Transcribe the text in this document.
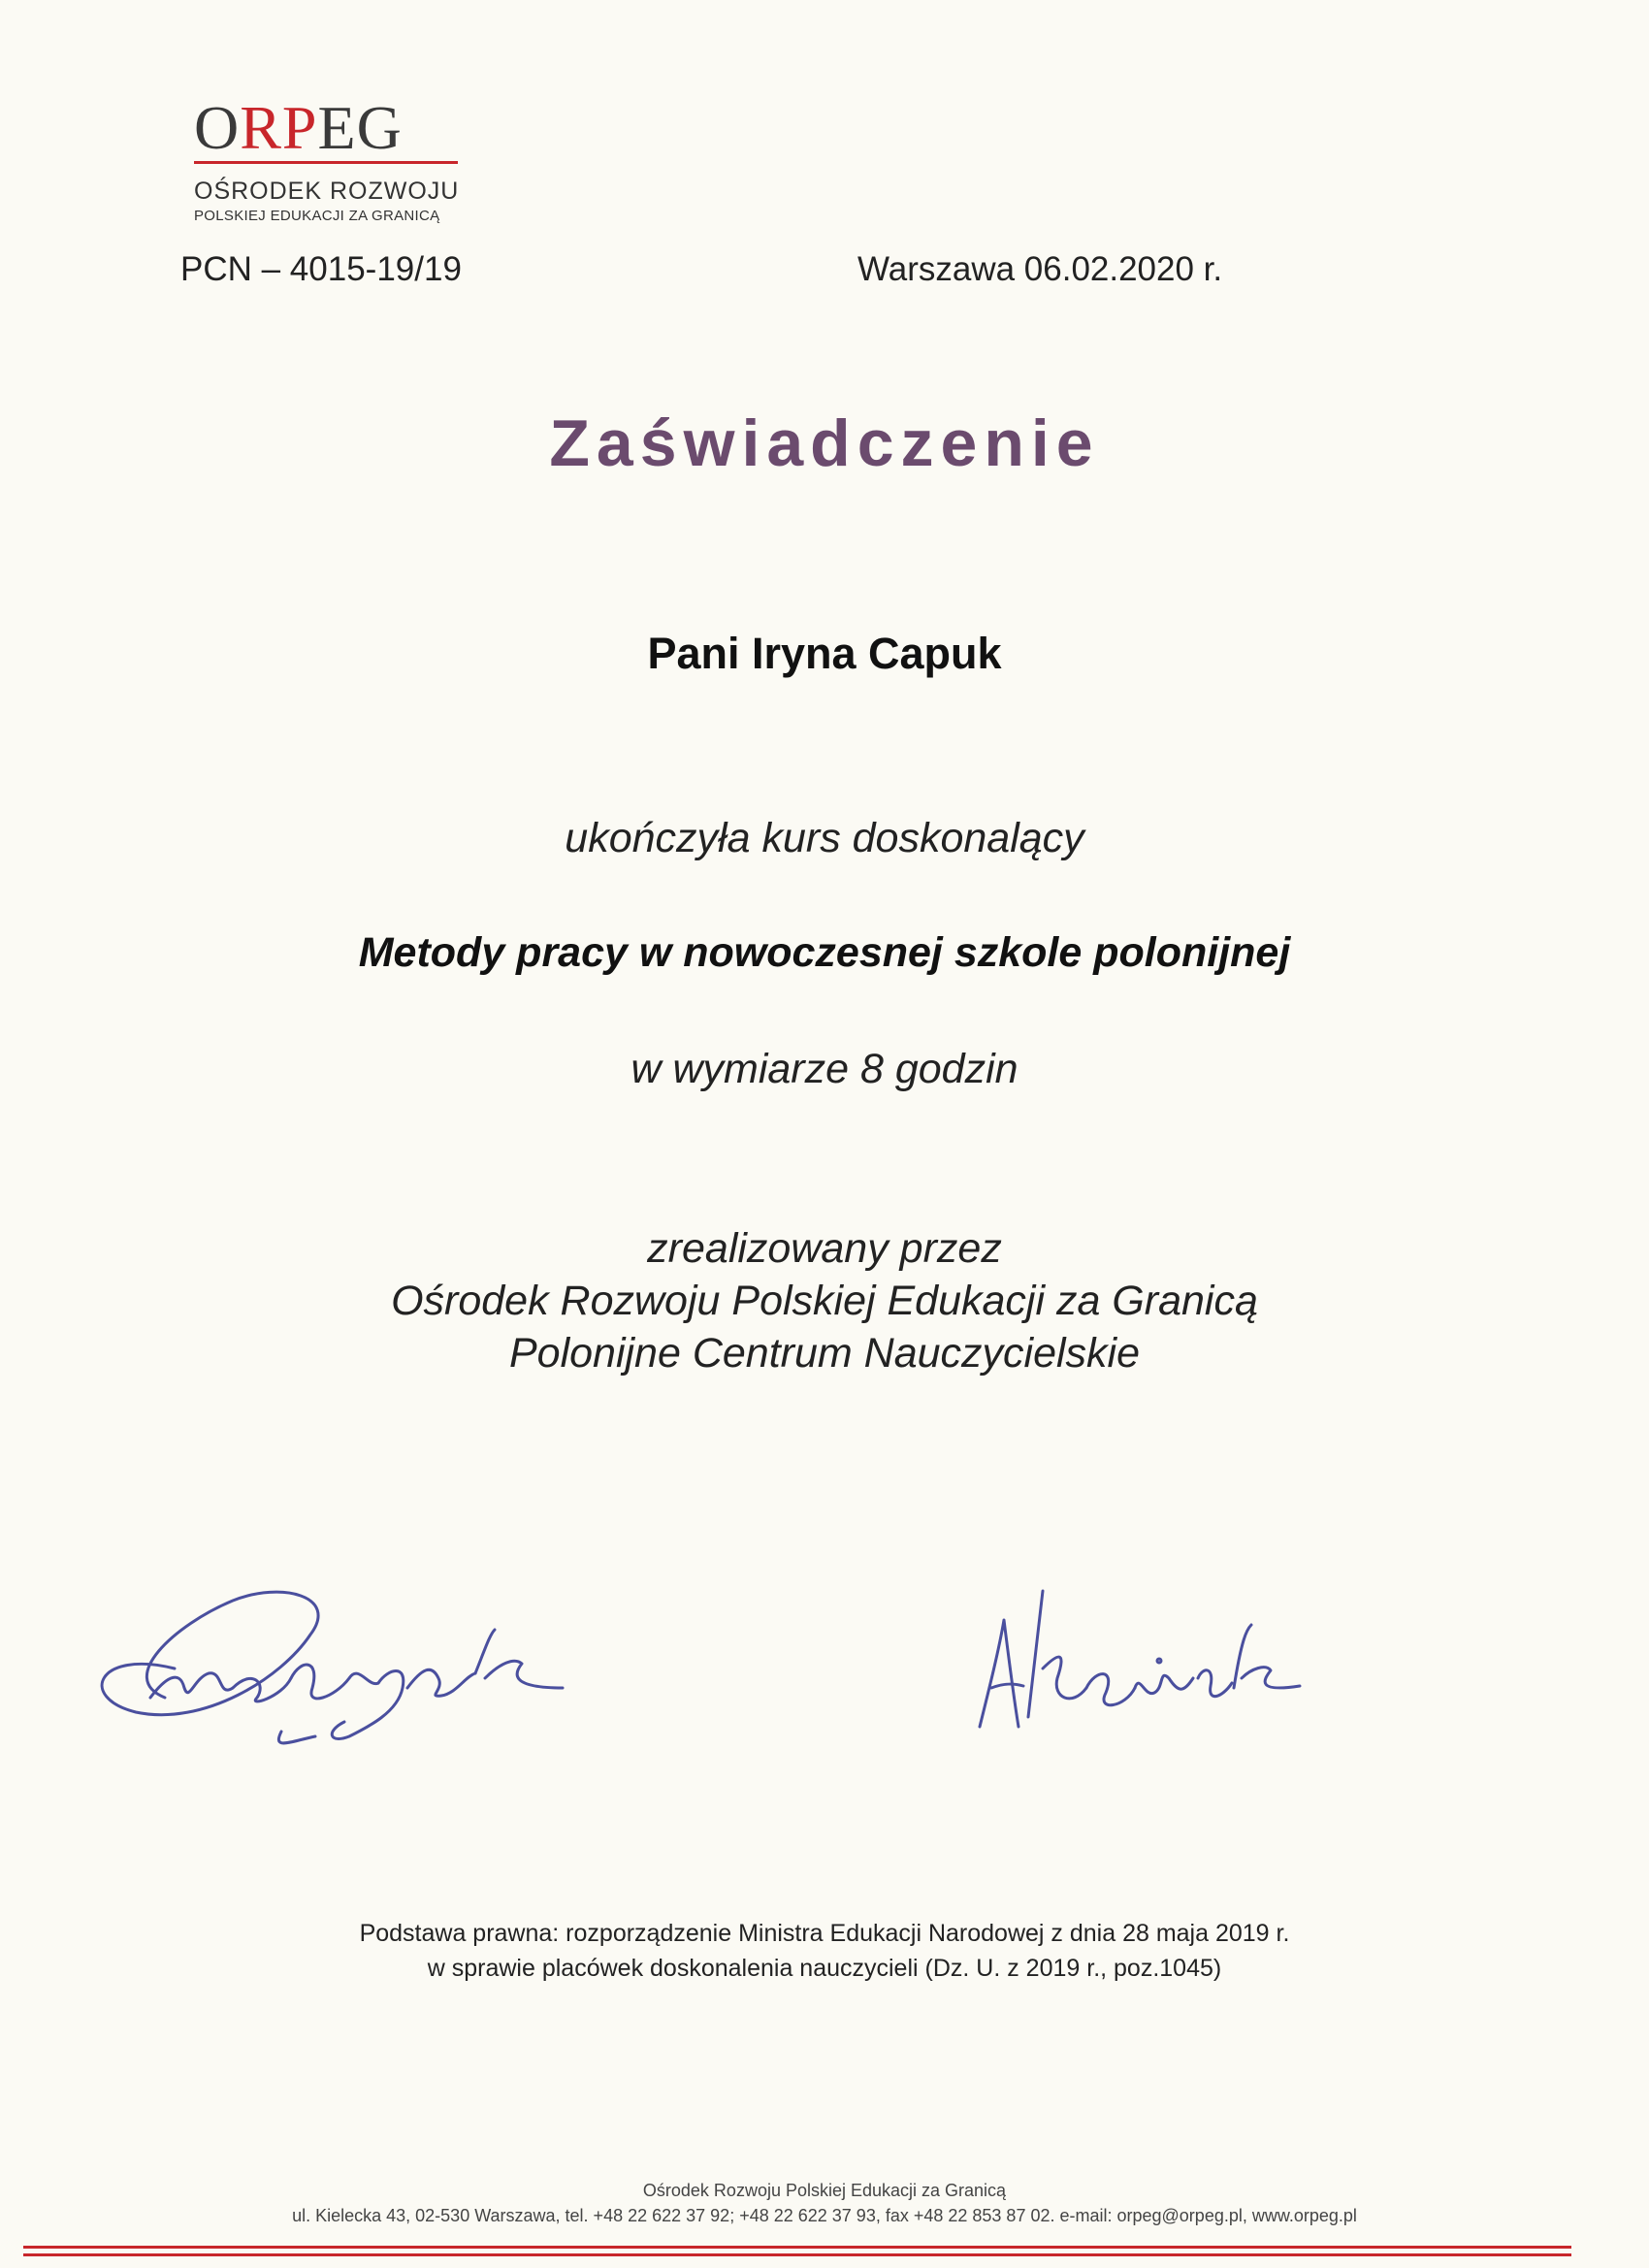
ORPEG
OŚRODEK ROZWOJU
POLSKIEJ EDUKACJI ZA GRANICĄ
PCN – 4015-19/19	Warszawa 06.02.2020 r.
Zaświadczenie
Pani Iryna Capuk
ukończyła kurs doskonalący
Metody pracy w nowoczesnej szkole polonijnej
w wymiarze 8 godzin
zrealizowany przez
Ośrodek Rozwoju Polskiej Edukacji za Granicą
Polonijne Centrum Nauczycielskie
Podstawa prawna: rozporządzenie Ministra Edukacji Narodowej z dnia 28 maja 2019 r.
w sprawie placówek doskonalenia nauczycieli (Dz. U. z 2019 r., poz.1045)
Ośrodek Rozwoju Polskiej Edukacji za Granicą
ul. Kielecka 43, 02-530 Warszawa, tel. +48 22 622 37 92; +48 22 622 37 93, fax +48 22 853 87 02. e-mail: orpeg@orpeg.pl, www.orpeg.pl
